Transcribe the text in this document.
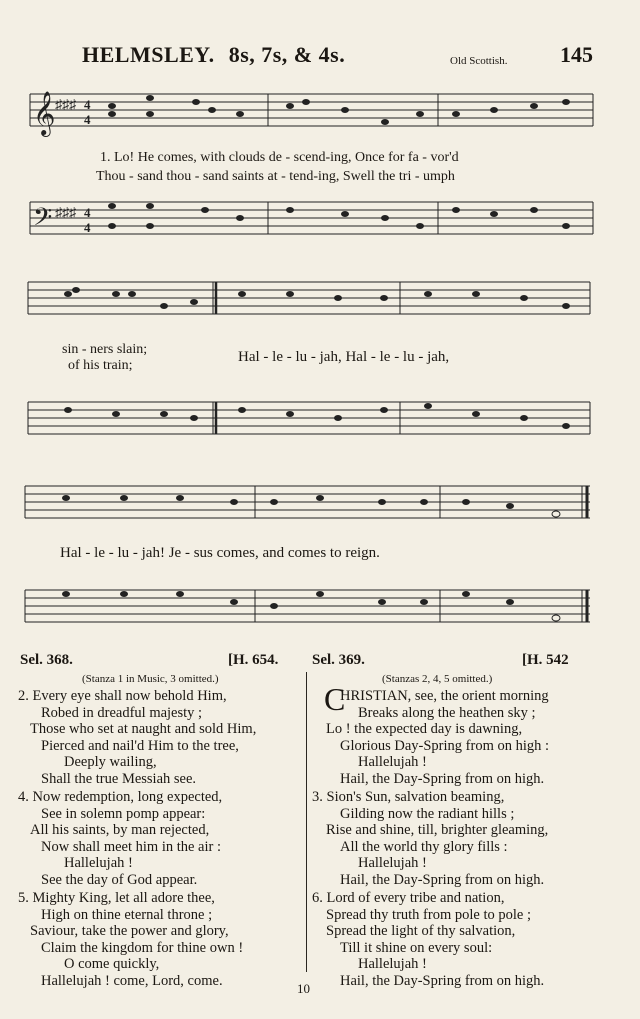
HELMSLEY. 8s, 7s, & 4s.	Old Scottish. 145
𝄞 ♯♯♯ 4
4
1. Lo! He comes, with clouds de - scend-ing, Once for fa - vor'd
Thou - sand thou - sand saints at - tend-ing, Swell the tri - umph
𝄢 ♯♯♯ 4
4
sin - ners slain;
of his train;
Hal - le - lu - jah, Hal - le - lu - jah,
Hal - le - lu - jah! Je - sus comes, and comes to reign.
Sel. 368.	[H. 654.
(Stanza 1 in Music, 3 omitted.)
2. Every eye shall now behold Him,
Robed in dreadful majesty ;
Those who set at naught and sold Him,
Pierced and nail'd Him to the tree,
Deeply wailing,
Shall the true Messiah see.
4. Now redemption, long expected,
See in solemn pomp appear:
All his saints, by man rejected,
Now shall meet him in the air :
Hallelujah !
See the day of God appear.
5. Mighty King, let all adore thee,
High on thine eternal throne ;
Saviour, take the power and glory,
Claim the kingdom for thine own !
O come quickly,
Hallelujah ! come, Lord, come.
Sel. 369.	[H. 542
(Stanzas 2, 4, 5 omitted.)
C
HRISTIAN, see, the orient morning
Breaks along the heathen sky ;
Lo ! the expected day is dawning,
Glorious Day-Spring from on high :
Hallelujah !
Hail, the Day-Spring from on high.
3. Sion's Sun, salvation beaming,
Gilding now the radiant hills ;
Rise and shine, till, brighter gleaming,
All the world thy glory fills :
Hallelujah !
Hail, the Day-Spring from on high.
6. Lord of every tribe and nation,
Spread thy truth from pole to pole ;
Spread the light of thy salvation,
Till it shine on every soul:
Hallelujah !
Hail, the Day-Spring from on high.
10
